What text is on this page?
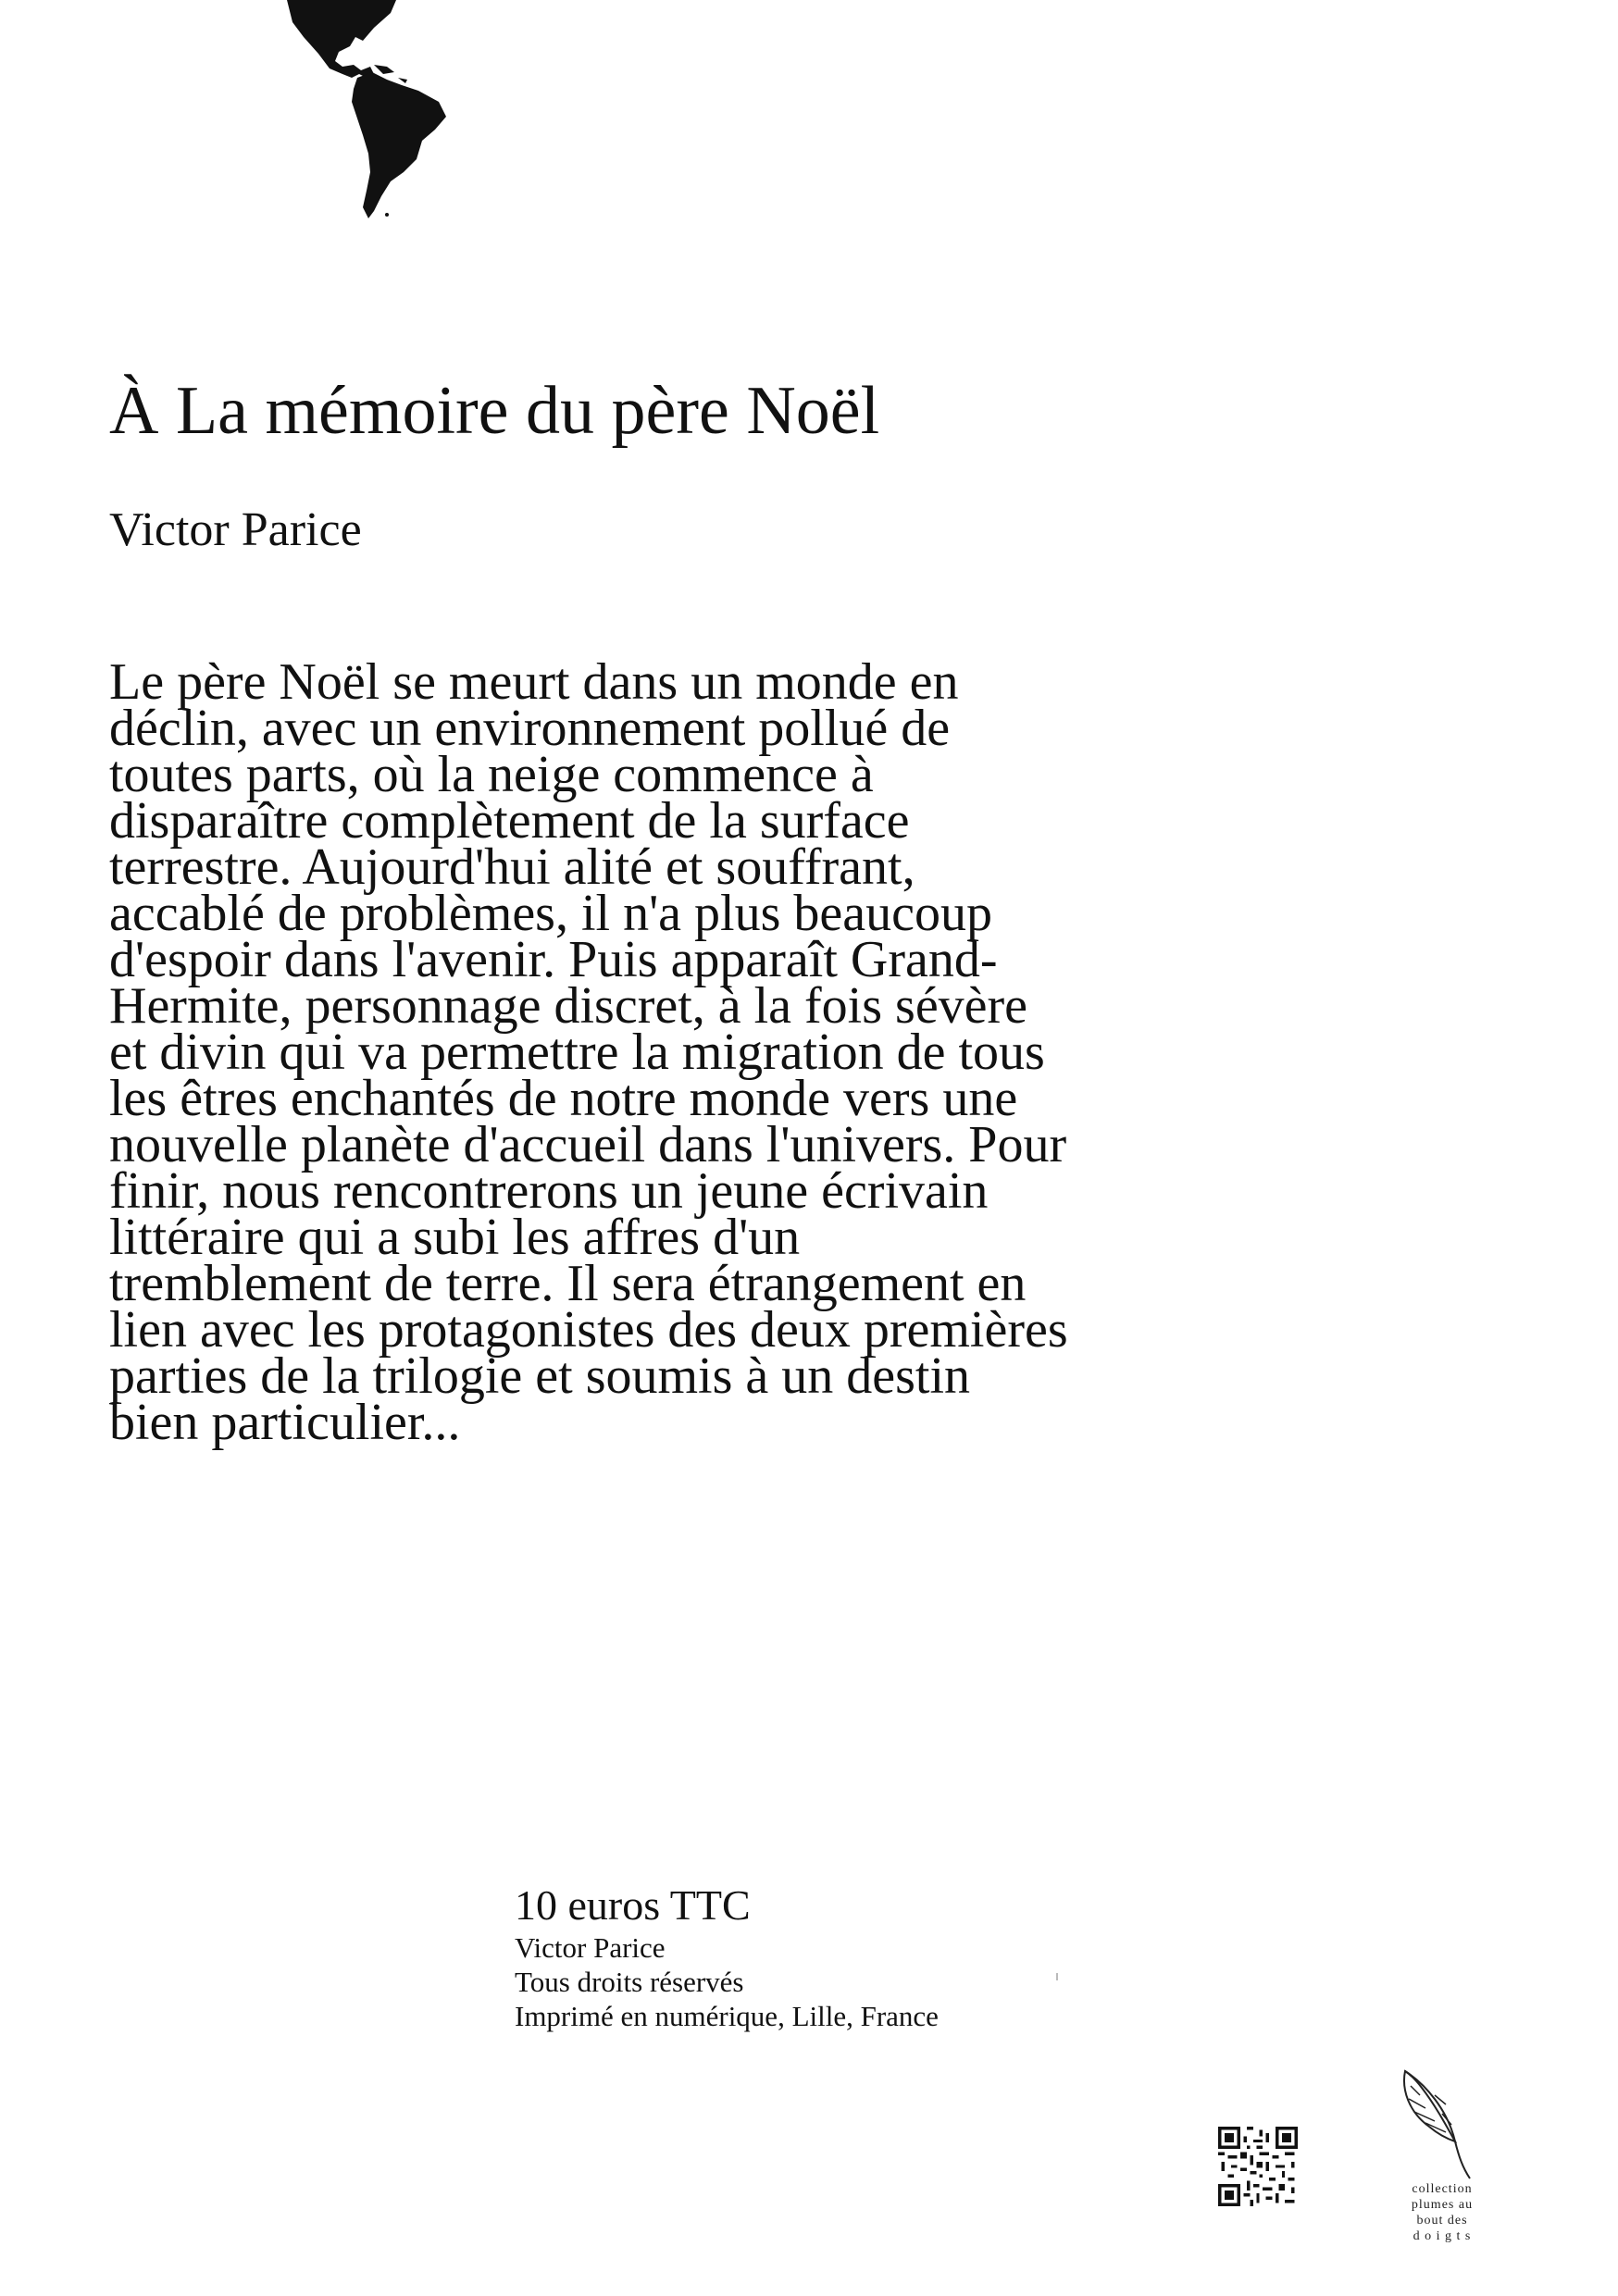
À La mémoire du père Noël
Victor Parice
Le père Noël se meurt dans un monde en
déclin, avec un environnement pollué de
toutes parts, où la neige commence à
disparaître complètement de la surface
terrestre. Aujourd'hui alité et souffrant,
accablé de problèmes, il n'a plus beaucoup
d'espoir dans l'avenir. Puis apparaît Grand-
Hermite, personnage discret, à la fois sévère
et divin qui va permettre la migration de tous
les êtres enchantés de notre monde vers une
nouvelle planète d'accueil dans l'univers. Pour
finir, nous rencontrerons un jeune écrivain
littéraire qui a subi les affres d'un
tremblement de terre. Il sera étrangement en
lien avec les protagonistes des deux premières
parties de la trilogie et soumis à un destin
bien particulier...
10 euros TTC
Victor Parice
Tous droits réservés
Imprimé en numérique, Lille, France
collection
plumes au
bout des
d o i g t s
